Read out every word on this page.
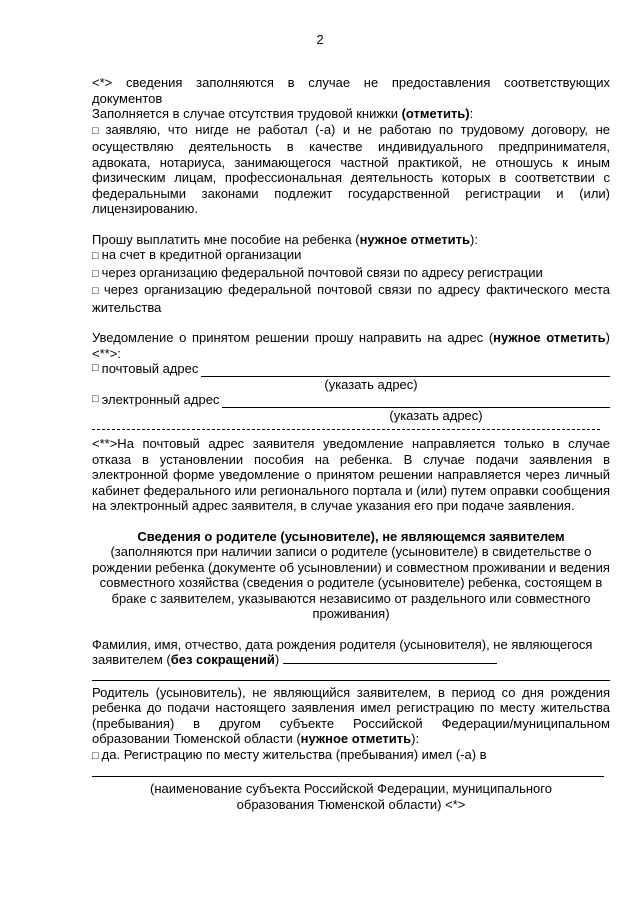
2

<*> сведения заполняются в случае не предоставления соответствующих документов

Заполняется в случае отсутствия трудовой книжки (отметить):

□ заявляю, что нигде не работал (-а) и не работаю по трудовому договору, не осуществляю деятельность в качестве индивидуального предпринимателя, адвоката, нотариуса, занимающегося частной практикой, не отношусь к иным физическим лицам, профессиональная деятельность которых в соответствии с федеральными законами подлежит государственной регистрации и (или) лицензированию.

Прошу выплатить мне пособие на ребенка (нужное отметить):

□ на счет в кредитной организации

□ через организацию федеральной почтовой связи по адресу регистрации

□ через организацию федеральной почтовой связи по адресу фактического места жительства

Уведомление о принятом решении прошу направить на адрес (нужное отметить) <**>:

□ почтовый адрес

(указать адрес)

□ электронный адрес

(указать адрес)

<**>На почтовый адрес заявителя уведомление направляется только в случае отказа в установлении пособия на ребенка. В случае подачи заявления в электронной форме уведомление о принятом решении направляется через личный кабинет федерального или регионального портала и (или) путем оправки сообщения на электронный адрес заявителя, в случае указания его при подаче заявления.

Сведения о родителе (усыновителе), не являющемся заявителем

(заполняются при наличии записи о родителе (усыновителе) в свидетельстве о рождении ребенка (документе об усыновлении) и совместном проживании и ведения совместного хозяйства (сведения о родителе (усыновителе) ребенка, состоящем в браке с заявителем, указываются независимо от раздельного или совместного проживания)

Фамилия, имя, отчество, дата рождения родителя (усыновителя), не являющегося заявителем (без сокращений)

Родитель (усыновитель), не являющийся заявителем, в период со дня рождения ребенка до подачи настоящего заявления имел регистрацию по месту жительства (пребывания) в другом субъекте Российской Федерации/муниципальном образовании Тюменской области (нужное отметить):

□ да. Регистрацию по месту жительства (пребывания) имел (-а) в

(наименование субъекта Российской Федерации, муниципального образования Тюменской области) <*>
